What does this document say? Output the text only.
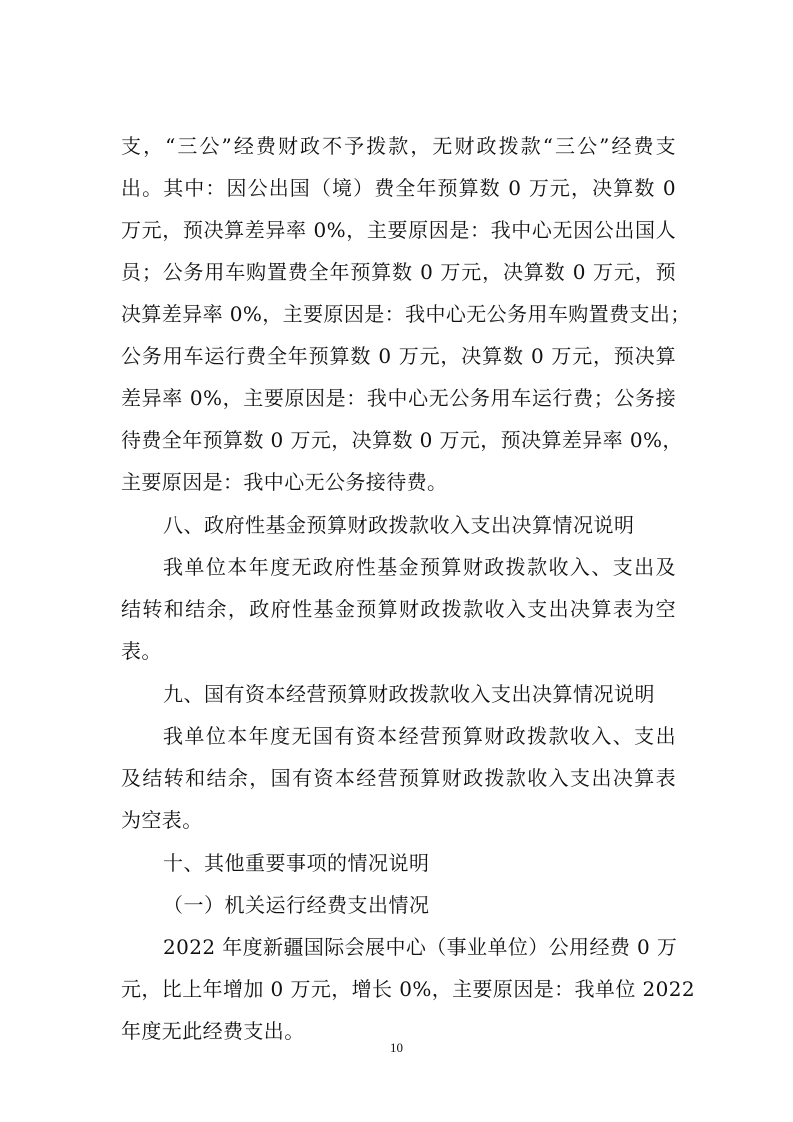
支，“三公”经费财政不予拨款，无财政拨款“三公”经费支
出。其中：因公出国（境）费全年预算数 0 万元，决算数 0
万元，预决算差异率 0%，主要原因是：我中心无因公出国人
员；公务用车购置费全年预算数 0 万元，决算数 0 万元，预
决算差异率 0%，主要原因是：我中心无公务用车购置费支出；
公务用车运行费全年预算数 0 万元，决算数 0 万元，预决算
差异率 0%，主要原因是：我中心无公务用车运行费；公务接
待费全年预算数 0 万元，决算数 0 万元，预决算差异率 0%，
主要原因是：我中心无公务接待费。
八、政府性基金预算财政拨款收入支出决算情况说明
我单位本年度无政府性基金预算财政拨款收入、支出及
结转和结余，政府性基金预算财政拨款收入支出决算表为空
表。
九、国有资本经营预算财政拨款收入支出决算情况说明
我单位本年度无国有资本经营预算财政拨款收入、支出
及结转和结余，国有资本经营预算财政拨款收入支出决算表
为空表。
十、其他重要事项的情况说明
（一）机关运行经费支出情况
2022 年度新疆国际会展中心（事业单位）公用经费 0 万
元，比上年增加 0 万元，增长 0%，主要原因是：我单位 2022
年度无此经费支出。
10
